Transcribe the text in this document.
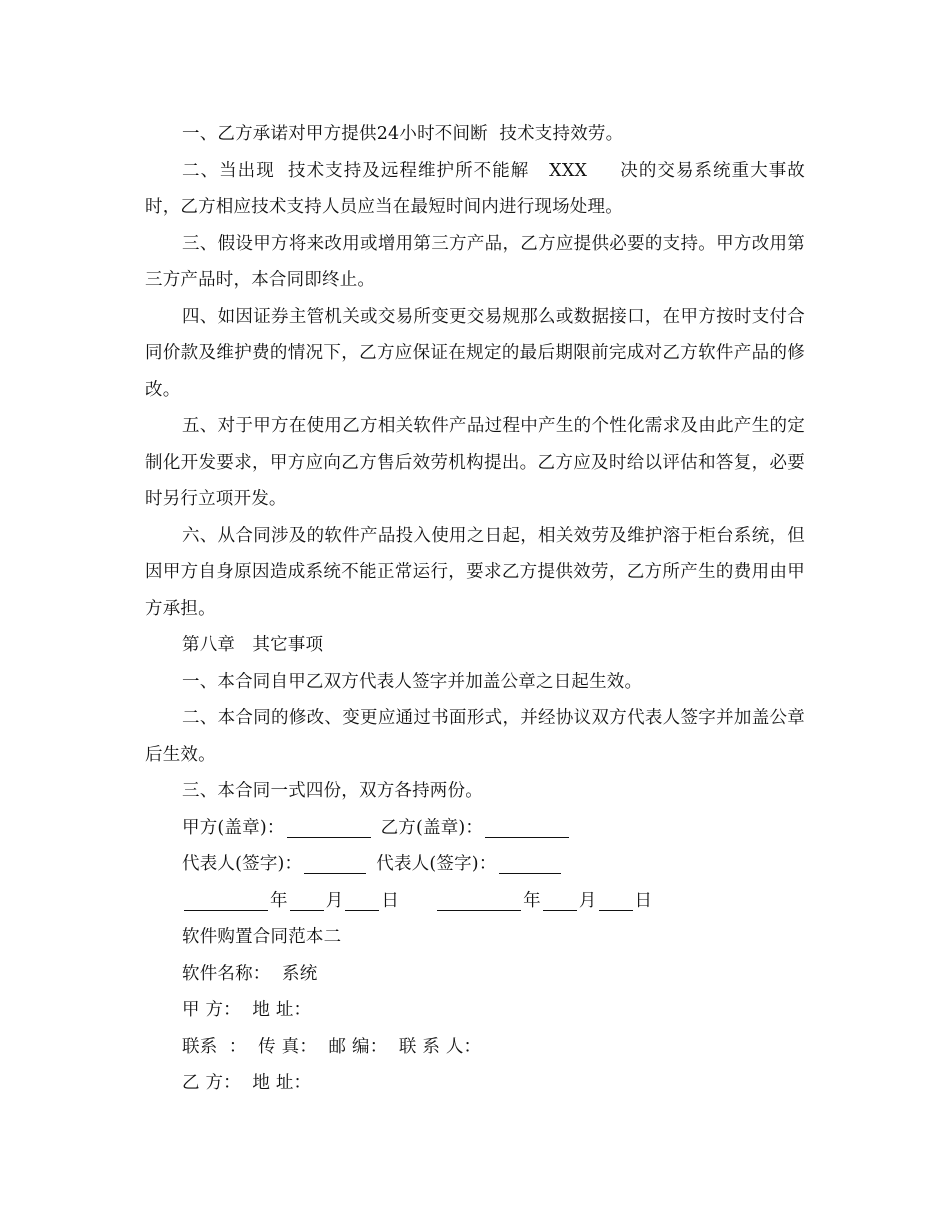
一、乙方承诺对甲方提供24小时不间断  技术支持效劳。

二、当出现  技术支持及远程维护所不能解   XXX     决的交易系统重大事故时，乙方相应技术支持人员应当在最短时间内进行现场处理。

三、假设甲方将来改用或增用第三方产品，乙方应提供必要的支持。甲方改用第三方产品时，本合同即终止。

四、如因证券主管机关或交易所变更交易规那么或数据接口，在甲方按时支付合同价款及维护费的情况下，乙方应保证在规定的最后期限前完成对乙方软件产品的修改。

五、对于甲方在使用乙方相关软件产品过程中产生的个性化需求及由此产生的定制化开发要求，甲方应向乙方售后效劳机构提出。乙方应及时给以评估和答复，必要时另行立项开发。

六、从合同涉及的软件产品投入使用之日起，相关效劳及维护溶于柜台系统，但因甲方自身原因造成系统不能正常运行，要求乙方提供效劳，乙方所产生的费用由甲方承担。

第八章   其它事项

一、本合同自甲乙双方代表人签字并加盖公章之日起生效。

二、本合同的修改、变更应通过书面形式，并经协议双方代表人签字并加盖公章后生效。

三、本合同一式四份，双方各持两份。

甲方(盖章)：	乙方(盖章)：

代表人(签字)：	代表人(签字)：

年 月 日	年 月 日

软件购置合同范本二

软件名称：  系统

甲 方：  地 址：

联系  ：  传 真：  邮 编：  联 系 人：

乙 方：  地 址：
